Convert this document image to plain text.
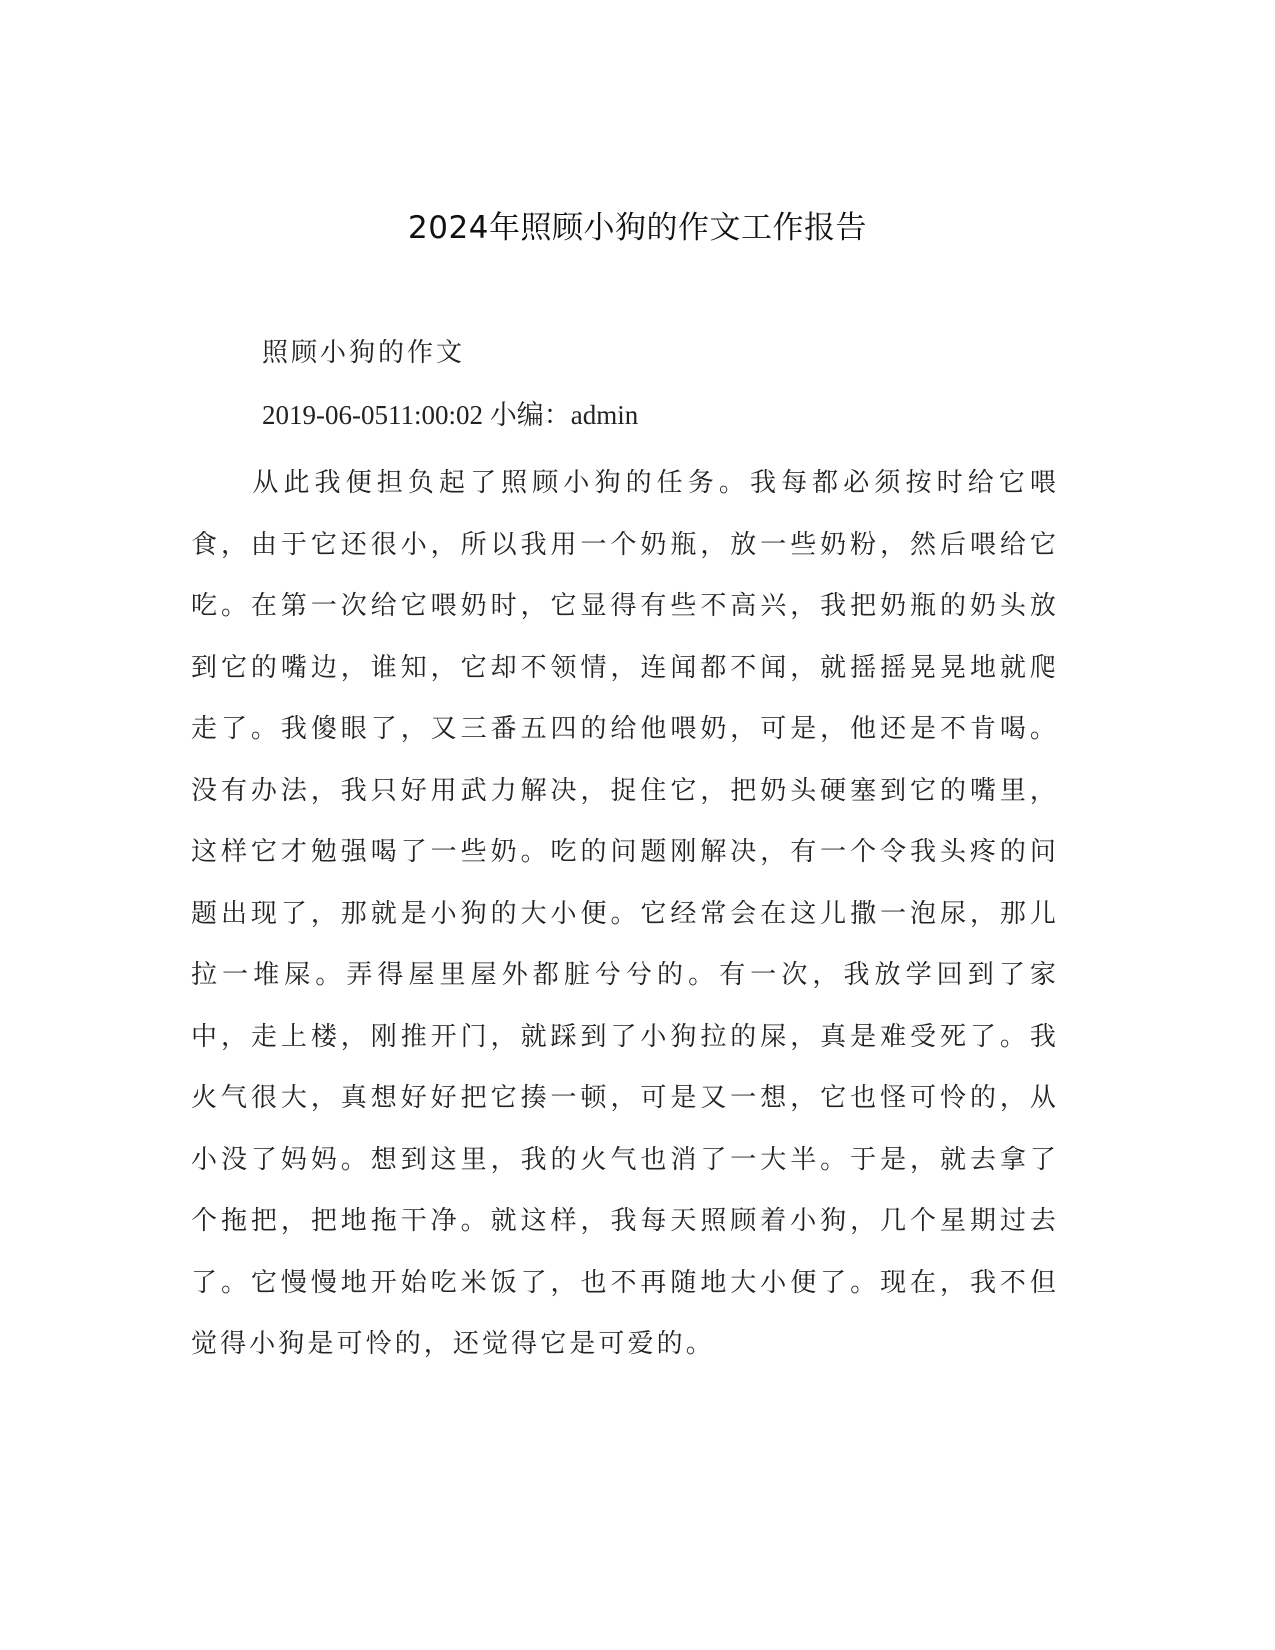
2024年照顾小狗的作文工作报告

照顾小狗的作文

2019-06-0511:00:02 小编：admin

从此我便担负起了照顾小狗的任务。我每都必须按时给它喂食，由于它还很小，所以我用一个奶瓶，放一些奶粉，然后喂给它吃。在第一次给它喂奶时，它显得有些不高兴，我把奶瓶的奶头放到它的嘴边，谁知，它却不领情，连闻都不闻，就摇摇晃晃地就爬走了。我傻眼了，又三番五四的给他喂奶，可是，他还是不肯喝。没有办法，我只好用武力解决，捉住它，把奶头硬塞到它的嘴里，这样它才勉强喝了一些奶。吃的问题刚解决，有一个令我头疼的问题出现了，那就是小狗的大小便。它经常会在这儿撒一泡尿，那儿拉一堆屎。弄得屋里屋外都脏兮兮的。有一次，我放学回到了家中，走上楼，刚推开门，就踩到了小狗拉的屎，真是难受死了。我火气很大，真想好好把它揍一顿，可是又一想，它也怪可怜的，从小没了妈妈。想到这里，我的火气也消了一大半。于是，就去拿了个拖把，把地拖干净。就这样，我每天照顾着小狗，几个星期过去了。它慢慢地开始吃米饭了，也不再随地大小便了。现在，我不但觉得小狗是可怜的，还觉得它是可爱的。
